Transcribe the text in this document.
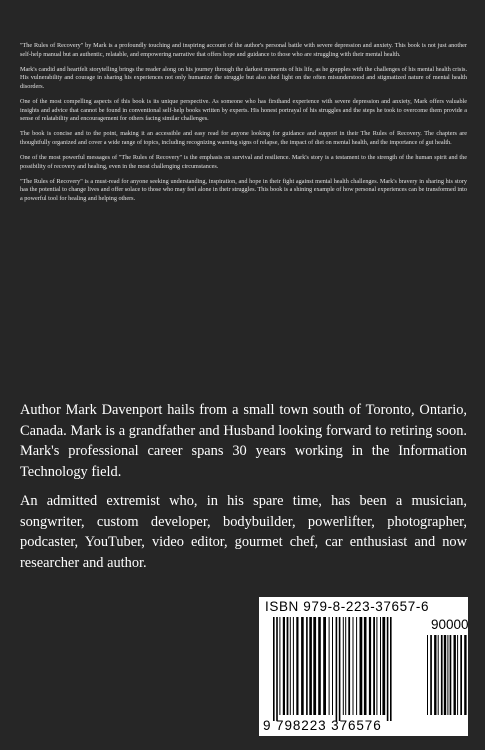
"The Rules of Recovery" by Mark is a profoundly touching and inspiring account of the author's personal battle with severe depression and anxiety. This book is not just another self-help manual but an authentic, relatable, and empowering narrative that offers hope and guidance to those who are struggling with their mental health.

Mark's candid and heartfelt storytelling brings the reader along on his journey through the darkest moments of his life, as he grapples with the challenges of his mental health crisis. His vulnerability and courage in sharing his experiences not only humanize the struggle but also shed light on the often misunderstood and stigmatized nature of mental health disorders.

One of the most compelling aspects of this book is its unique perspective. As someone who has firsthand experience with severe depression and anxiety, Mark offers valuable insights and advice that cannot be found in conventional self-help books written by experts. His honest portrayal of his struggles and the steps he took to overcome them provide a sense of relatability and encouragement for others facing similar challenges.

The book is concise and to the point, making it an accessible and easy read for anyone looking for guidance and support in their The Rules of Recovery. The chapters are thoughtfully organized and cover a wide range of topics, including recognizing warning signs of relapse, the impact of diet on mental health, and the importance of gut health.

One of the most powerful messages of "The Rules of Recovery" is the emphasis on survival and resilience. Mark's story is a testament to the strength of the human spirit and the possibility of recovery and healing, even in the most challenging circumstances.

"The Rules of Recovery" is a must-read for anyone seeking understanding, inspiration, and hope in their fight against mental health challenges. Mark's bravery in sharing his story has the potential to change lives and offer solace to those who may feel alone in their struggles. This book is a shining example of how personal experiences can be transformed into a powerful tool for healing and helping others.

Author Mark Davenport hails from a small town south of Toronto, Ontario, Canada. Mark is a grandfather and Husband looking forward to retiring soon. Mark's professional career spans 30 years working in the Information Technology field.

An admitted extremist who, in his spare time, has been a musician, songwriter, custom developer, bodybuilder, powerlifter, photographer, podcaster, YouTuber, video editor, gourmet chef, car enthusiast and now researcher and author.

ISBN 979-8-223-37657-6
90000
9 798223 376576
